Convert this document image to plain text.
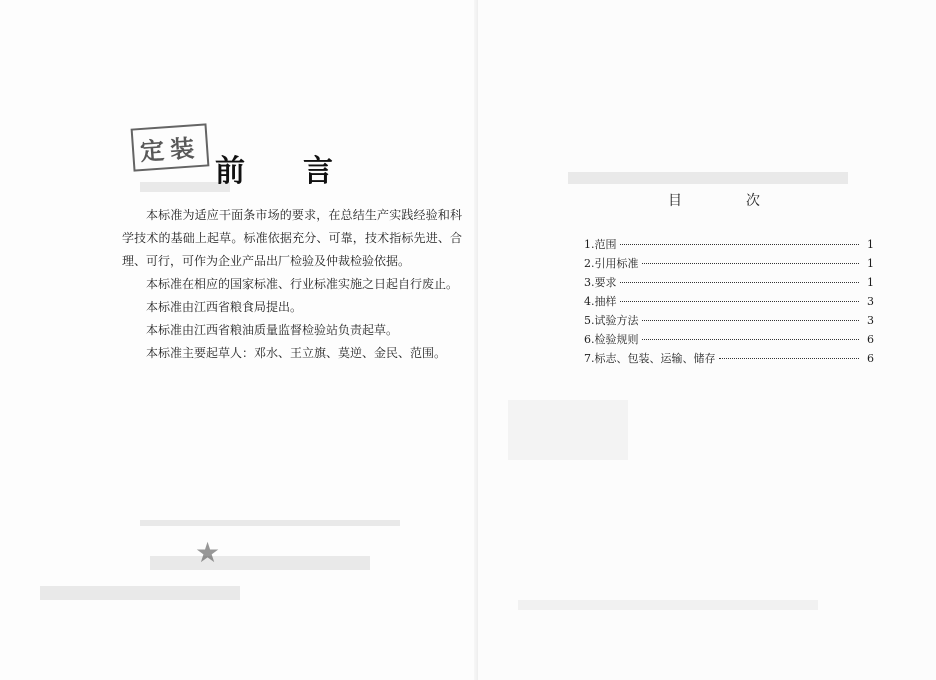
★
定装
前言

本标准为适应干面条市场的要求，在总结生产实践经验和科学技术的基础上起草。标准依据充分、可靠，技术指标先进、合理、可行，可作为企业产品出厂检验及仲裁检验依据。

本标准在相应的国家标准、行业标准实施之日起自行废止。

本标准由江西省粮食局提出。

本标准由江西省粮油质量监督检验站负责起草。

本标准主要起草人：邓水、王立旗、莫逆、金民、范围。

目次
1.范围	1
2.引用标准	1
3.要求	1
4.抽样	3
5.试验方法	3
6.检验规则	6
7.标志、包装、运输、储存	6
